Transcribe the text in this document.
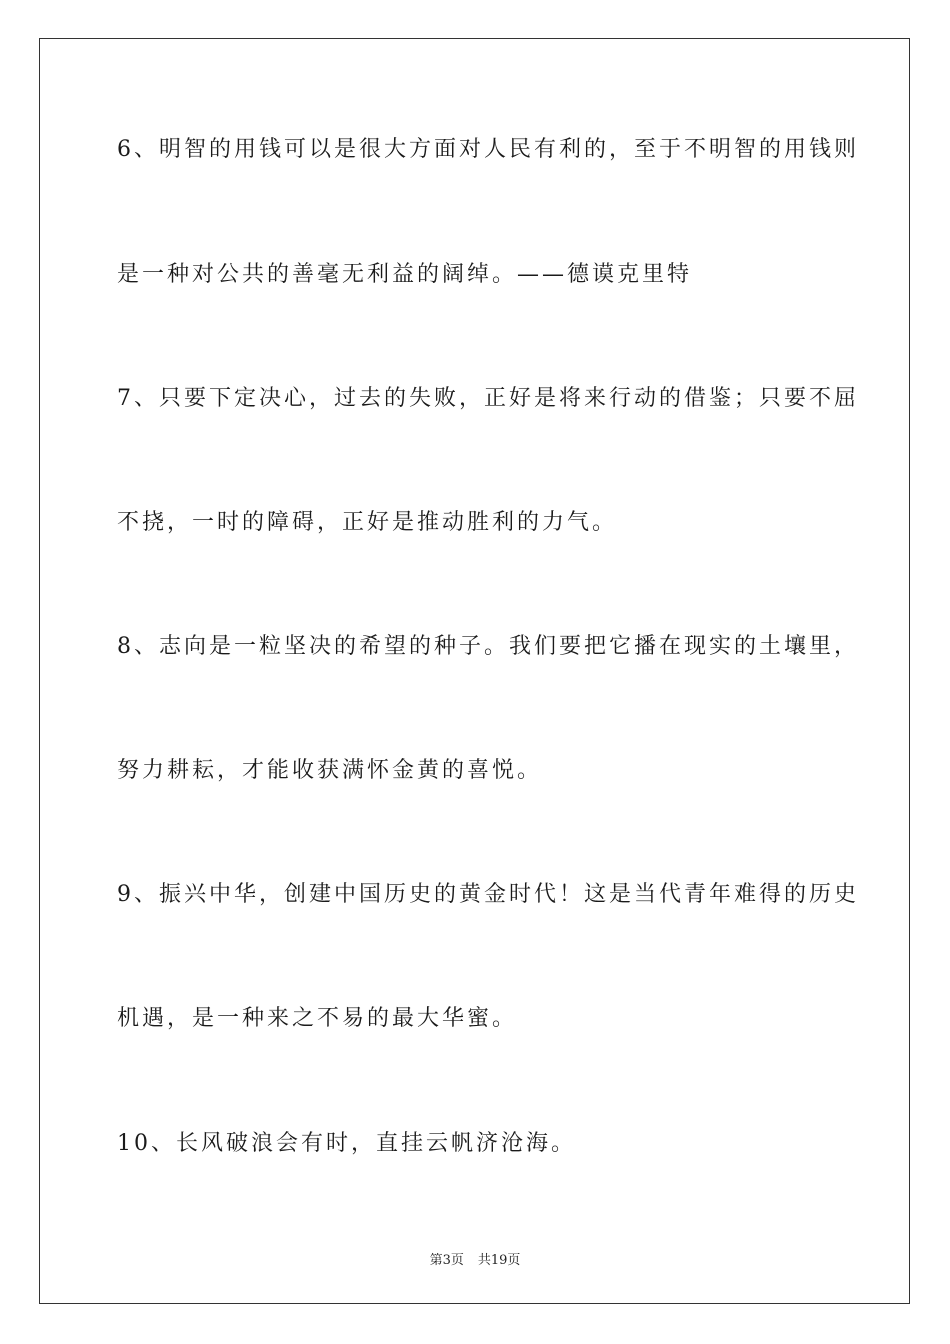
6、明智的用钱可以是很大方面对人民有利的，至于不明智的用钱则
是一种对公共的善毫无利益的阔绰。——德谟克里特
7、只要下定决心，过去的失败，正好是将来行动的借鉴；只要不屈
不挠，一时的障碍，正好是推动胜利的力气。
8、志向是一粒坚决的希望的种子。我们要把它播在现实的土壤里，
努力耕耘，才能收获满怀金黄的喜悦。
9、振兴中华，创建中国历史的黄金时代！这是当代青年难得的历史
机遇，是一种来之不易的最大华蜜。
10、长风破浪会有时，直挂云帆济沧海。
第3页 共19页
